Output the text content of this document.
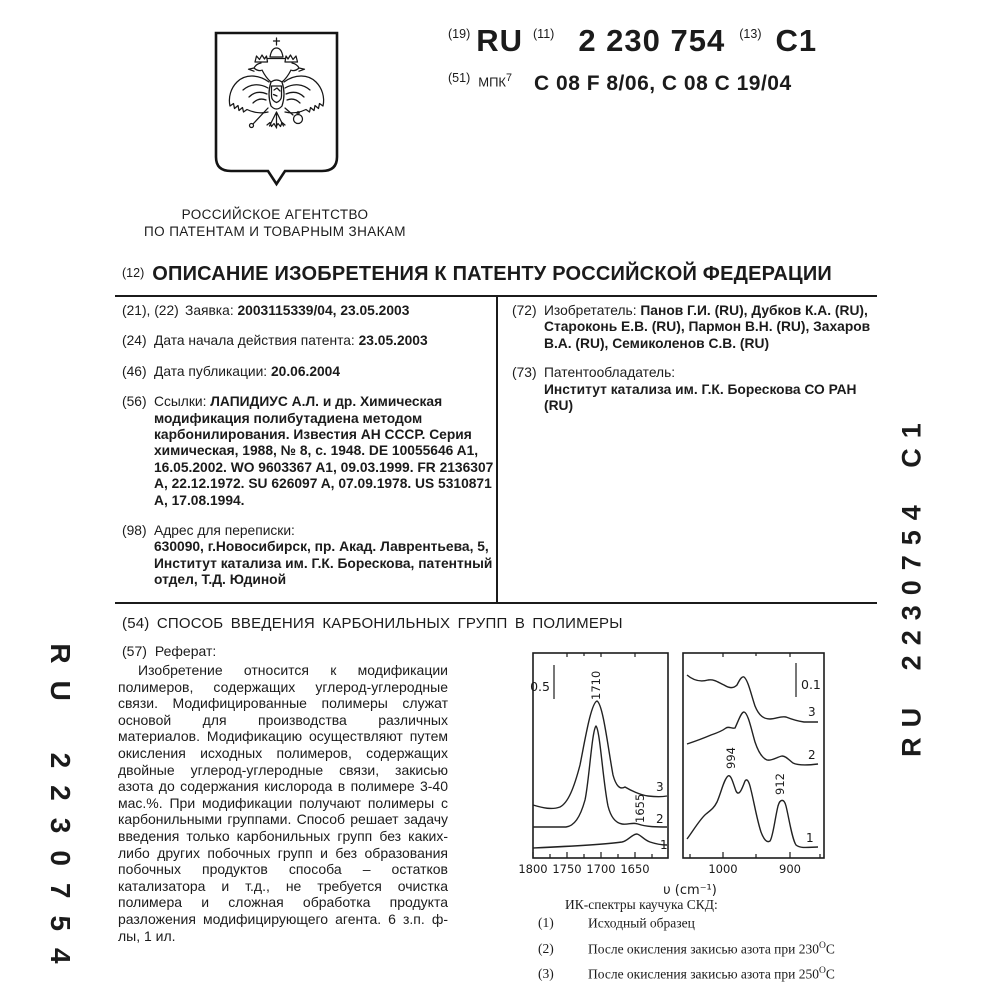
РОССИЙСКОЕ АГЕНТСТВО
ПО ПАТЕНТАМ И ТОВАРНЫМ ЗНАКАМ
(19) RU (11) 2 230 754 (13) C1
(51) МПК$^7$ C 08 F 8/06, C 08 C 19/04
(12) ОПИСАНИЕ ИЗОБРЕТЕНИЯ К ПАТЕНТУ РОССИЙСКОЙ ФЕДЕРАЦИИ
(21), (22) Заявка: 2003115339/04, 23.05.2003
(24) Дата начала действия патента: 23.05.2003
(46) Дата публикации: 20.06.2004
(56) Ссылки: ЛАПИДИУС А.Л. и др. Химическая модификация полибутадиена методом карбонилирования. Известия АН СССР. Серия химическая, 1988, № 8, с. 1948. DE 10055646 A1, 16.05.2002. WO 9603367 A1, 09.03.1999. FR 2136307 A, 22.12.1972. SU 626097 A, 07.09.1978. US 5310871 A, 17.08.1994.
(98) Адрес для переписки:
630090, г.Новосибирск, пр. Акад. Лаврентьева, 5, Институт катализа им. Г.К. Борескова, патентный отдел, Т.Д. Юдиной
(72) Изобретатель: Панов Г.И. (RU), Дубков К.А. (RU), Староконь Е.В. (RU), Пармон В.Н. (RU), Захаров В.А. (RU), Семиколенов С.В. (RU)
(73) Патентообладатель:
Институт катализа им. Г.К. Борескова СО РАН (RU)
(54) СПОСОБ ВВЕДЕНИЯ КАРБОНИЛЬНЫХ ГРУПП В ПОЛИМЕРЫ
(57) Реферат:
Изобретение относится к модификации полимеров, содержащих углерод-углеродные связи. Модифицированные полимеры служат основой для производства различных материалов. Модификацию осуществляют путем окисления исходных полимеров, содержащих двойные углерод-углеродные связи, закисью азота до содержания кислорода в полимере 3-40 мас.%. При модификации получают полимеры с карбонильными группами. Способ решает задачу введения только карбонильных групп без каких-либо других побочных групп и без образования побочных продуктов способа – остатков катализатора и т.д., не требуется очистка полимера и сложная обработка продукта разложения модифицирующего агента. 6 з.п. ф-лы, 1 ил.
1800 1750 1700 1650	1000	900
0.5	0.1
1710
1655
994
912
3
2
1
3
2
1
υ (cm⁻¹)
ИК-спектры каучука СКД:
(1)	Исходный образец
(2)	После окисления закисью азота при $230^ОС$
(3)	После окисления закисью азота при $250^ОС$
RU 2230754
RU 2230754 C1
